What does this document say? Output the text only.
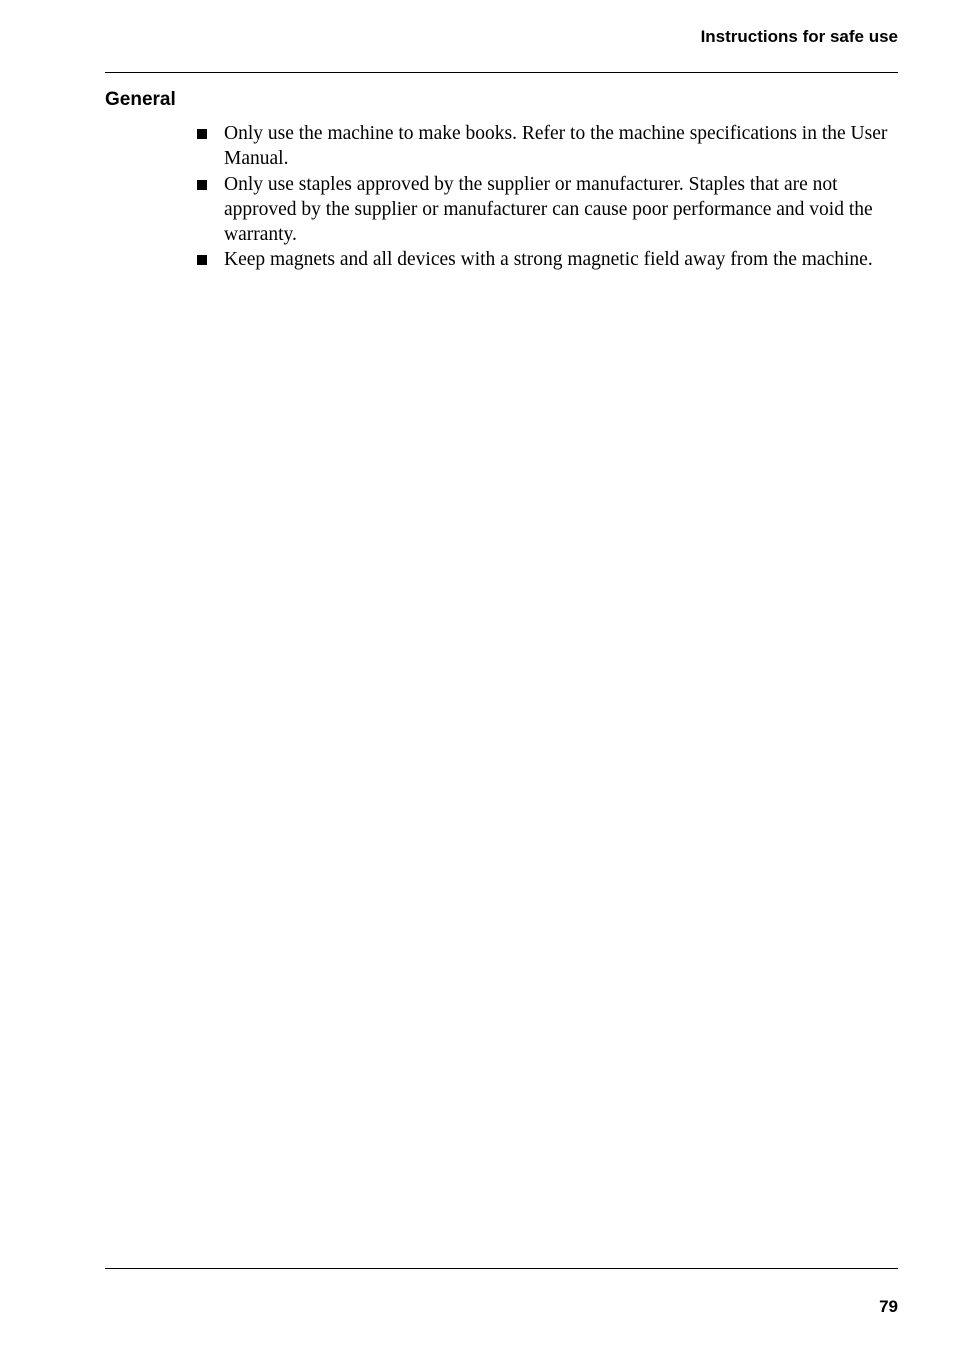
Instructions for safe use
General
Only use the machine to make books. Refer to the machine specifications in the User Manual.
Only use staples approved by the supplier or manufacturer. Staples that are not approved by the supplier or manufacturer can cause poor performance and void the warranty.
Keep magnets and all devices with a strong magnetic field away from the machine.
79
